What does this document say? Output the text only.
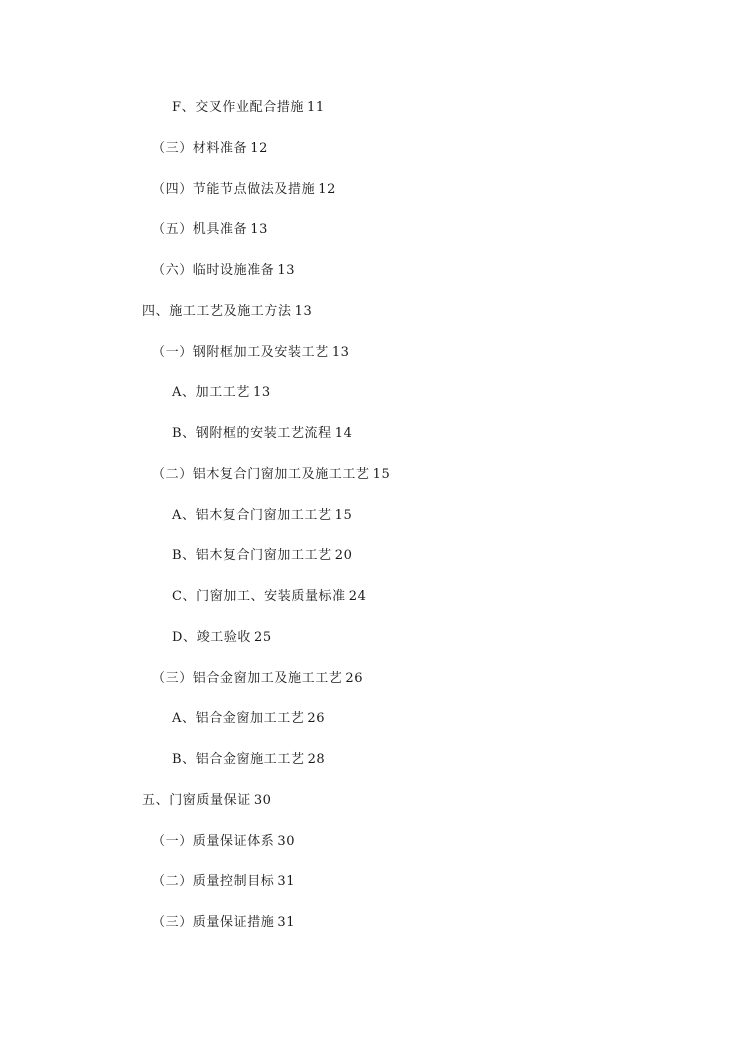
F、交叉作业配合措施 11
（三）材料准备 12
（四）节能节点做法及措施 12
（五）机具准备 13
（六）临时设施准备 13
四、施工工艺及施工方法 13
（一）钢附框加工及安装工艺 13
A、加工工艺 13
B、钢附框的安装工艺流程 14
（二）铝木复合门窗加工及施工工艺 15
A、铝木复合门窗加工工艺 15
B、铝木复合门窗加工工艺 20
C、门窗加工、安装质量标准 24
D、竣工验收 25
（三）铝合金窗加工及施工工艺 26
A、铝合金窗加工工艺 26
B、铝合金窗施工工艺 28
五、门窗质量保证 30
（一）质量保证体系 30
（二）质量控制目标 31
（三）质量保证措施 31
